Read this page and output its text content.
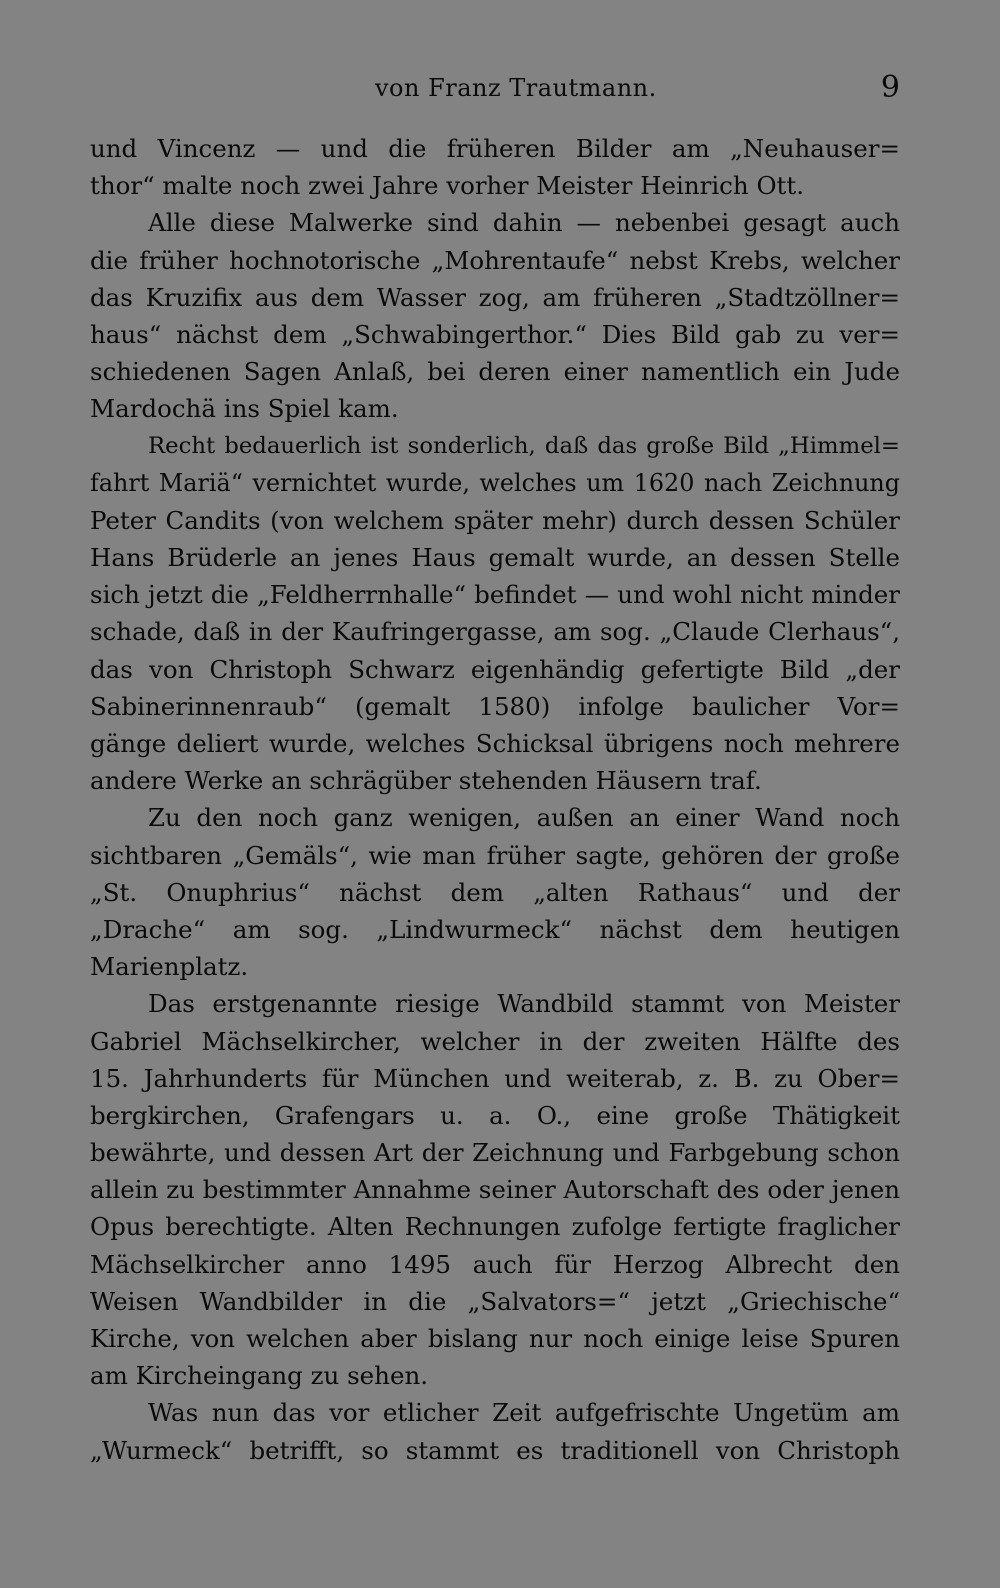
von Franz Trautmann.	9
und Vincenz — und die früheren Bilder am „Neuhauser=
thor“ malte noch zwei Jahre vorher Meister Heinrich Ott.
Alle diese Malwerke sind dahin — nebenbei gesagt auch
die früher hochnotorische „Mohrentaufe“ nebst Krebs, welcher
das Kruzifix aus dem Wasser zog, am früheren „Stadtzöllner=
haus“ nächst dem „Schwabingerthor.“ Dies Bild gab zu ver=
schiedenen Sagen Anlaß, bei deren einer namentlich ein Jude
Mardochä ins Spiel kam.
Recht bedauerlich ist sonderlich, daß das große Bild „Himmel=
fahrt Mariä“ vernichtet wurde, welches um 1620 nach Zeichnung
Peter Candits (von welchem später mehr) durch dessen Schüler
Hans Brüderle an jenes Haus gemalt wurde, an dessen Stelle
sich jetzt die „Feldherrnhalle“ befindet — und wohl nicht minder
schade, daß in der Kaufringergasse, am sog. „Claude Clerhaus“,
das von Christoph Schwarz eigenhändig gefertigte Bild „der
Sabinerinnenraub“ (gemalt 1580) infolge baulicher Vor=
gänge deliert wurde, welches Schicksal übrigens noch mehrere
andere Werke an schrägüber stehenden Häusern traf.
Zu den noch ganz wenigen, außen an einer Wand noch
sichtbaren „Gemäls“, wie man früher sagte, gehören der große
„St. Onuphrius“ nächst dem „alten Rathaus“ und der
„Drache“ am sog. „Lindwurmeck“ nächst dem heutigen
Marienplatz.
Das erstgenannte riesige Wandbild stammt von Meister
Gabriel Mächselkircher, welcher in der zweiten Hälfte des
15. Jahrhunderts für München und weiterab, z. B. zu Ober=
bergkirchen, Grafengars u. a. O., eine große Thätigkeit
bewährte, und dessen Art der Zeichnung und Farbgebung schon
allein zu bestimmter Annahme seiner Autorschaft des oder jenen
Opus berechtigte. Alten Rechnungen zufolge fertigte fraglicher
Mächselkircher anno 1495 auch für Herzog Albrecht den
Weisen Wandbilder in die „Salvators=“ jetzt „Griechische“
Kirche, von welchen aber bislang nur noch einige leise Spuren
am Kircheingang zu sehen.
Was nun das vor etlicher Zeit aufgefrischte Ungetüm am
„Wurmeck“ betrifft, so stammt es traditionell von Christoph
